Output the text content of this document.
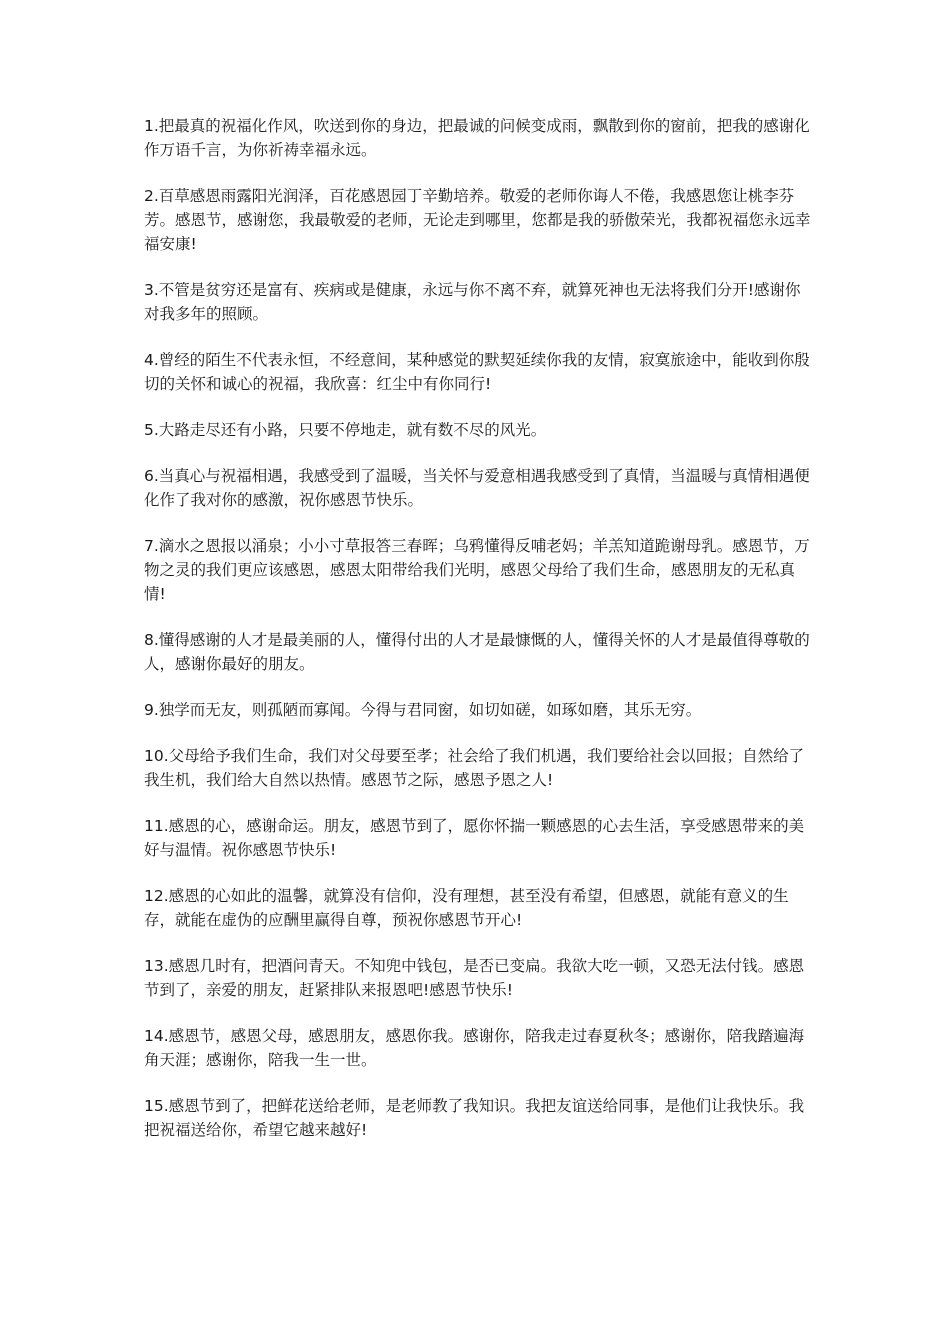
1.把最真的祝福化作风，吹送到你的身边，把最诚的问候变成雨，飘散到你的窗前，把我的感谢化作万语千言，为你祈祷幸福永远。

2.百草感恩雨露阳光润泽，百花感恩园丁辛勤培养。敬爱的老师你诲人不倦，我感恩您让桃李芬芳。感恩节，感谢您，我最敬爱的老师，无论走到哪里，您都是我的骄傲荣光，我都祝福您永远幸福安康!

3.不管是贫穷还是富有、疾病或是健康，永远与你不离不弃，就算死神也无法将我们分开!感谢你对我多年的照顾。

4.曾经的陌生不代表永恒，不经意间，某种感觉的默契延续你我的友情，寂寞旅途中，能收到你殷切的关怀和诚心的祝福，我欣喜：红尘中有你同行!

5.大路走尽还有小路，只要不停地走，就有数不尽的风光。

6.当真心与祝福相遇，我感受到了温暖，当关怀与爱意相遇我感受到了真情，当温暖与真情相遇便化作了我对你的感激，祝你感恩节快乐。

7.滴水之恩报以涌泉；小小寸草报答三春晖；乌鸦懂得反哺老妈；羊羔知道跪谢母乳。感恩节，万物之灵的我们更应该感恩，感恩太阳带给我们光明，感恩父母给了我们生命，感恩朋友的无私真情!

8.懂得感谢的人才是最美丽的人，懂得付出的人才是最慷慨的人，懂得关怀的人才是最值得尊敬的人，感谢你最好的朋友。

9.独学而无友，则孤陋而寡闻。今得与君同窗，如切如磋，如琢如磨，其乐无穷。

10.父母给予我们生命，我们对父母要至孝；社会给了我们机遇，我们要给社会以回报；自然给了我生机，我们给大自然以热情。感恩节之际，感恩予恩之人!

11.感恩的心，感谢命运。朋友，感恩节到了，愿你怀揣一颗感恩的心去生活，享受感恩带来的美好与温情。祝你感恩节快乐!

12.感恩的心如此的温馨，就算没有信仰，没有理想，甚至没有希望，但感恩，就能有意义的生存，就能在虚伪的应酬里赢得自尊，预祝你感恩节开心!

13.感恩几时有，把酒问青天。不知兜中钱包，是否已变扁。我欲大吃一顿，又恐无法付钱。感恩节到了，亲爱的朋友，赶紧排队来报恩吧!感恩节快乐!

14.感恩节，感恩父母，感恩朋友，感恩你我。感谢你，陪我走过春夏秋冬；感谢你，陪我踏遍海角天涯；感谢你，陪我一生一世。

15.感恩节到了，把鲜花送给老师，是老师教了我知识。我把友谊送给同事，是他们让我快乐。我把祝福送给你，希望它越来越好!
